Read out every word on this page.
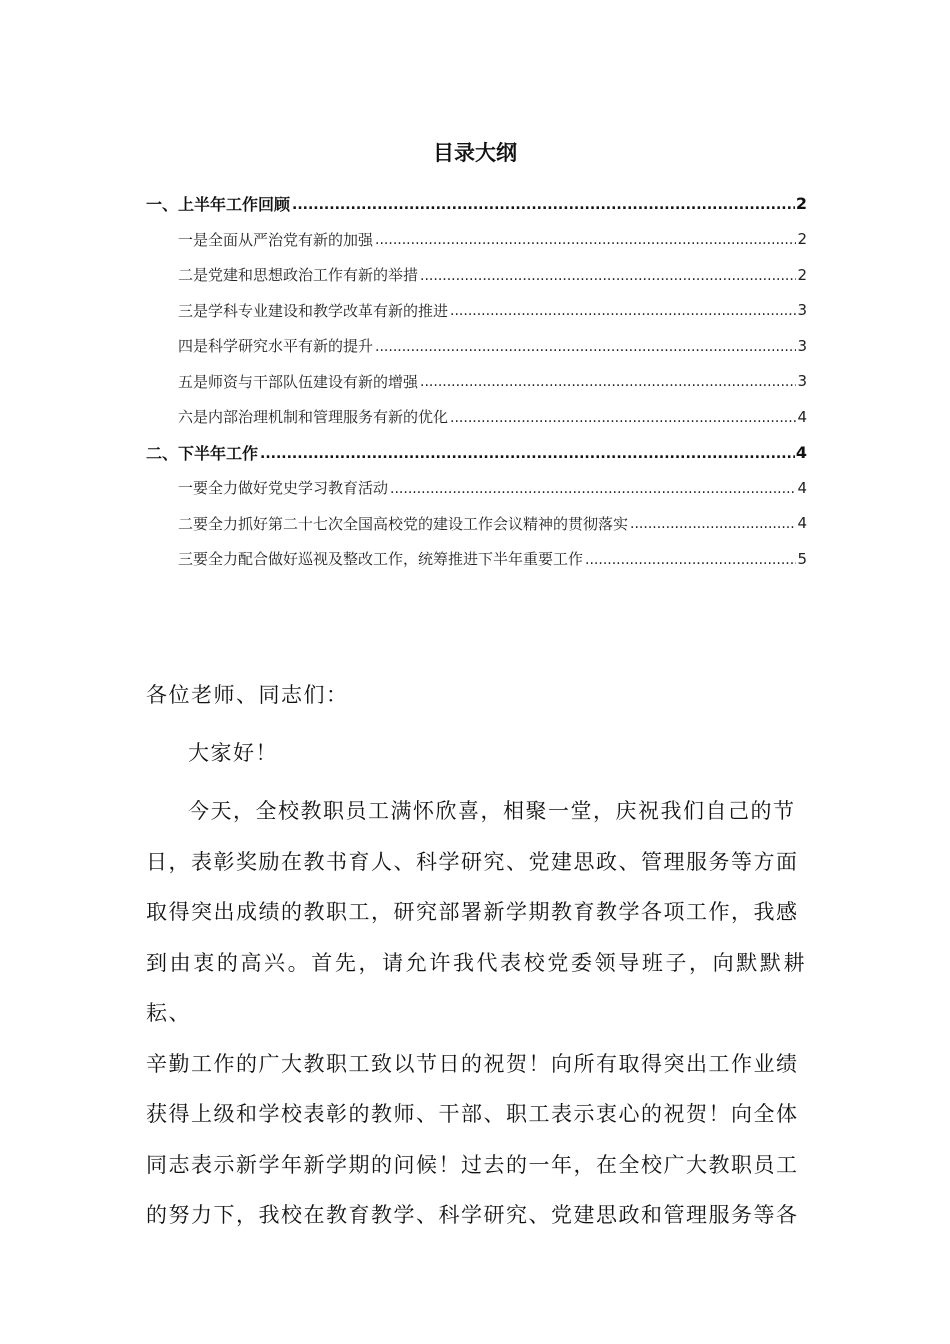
目录大纲
一、上半年工作回顾 .....	2
一是全面从严治党有新的加强 .....	2
二是党建和思想政治工作有新的举措 .....	2
三是学科专业建设和教学改革有新的推进 .....	3
四是科学研究水平有新的提升 .....	3
五是师资与干部队伍建设有新的增强 .....	3
六是内部治理机制和管理服务有新的优化 .....	4
二、下半年工作 .....	4
一要全力做好党史学习教育活动 .....	4
二要全力抓好第二十七次全国高校党的建设工作会议精神的贯彻落实 .....	4
三要全力配合做好巡视及整改工作，统筹推进下半年重要工作 .....	5

各位老师、同志们：

大家好！

今天，全校教职员工满怀欣喜，相聚一堂，庆祝我们自己的节

日，表彰奖励在教书育人、科学研究、党建思政、管理服务等方面

取得突出成绩的教职工，研究部署新学期教育教学各项工作，我感

到由衷的高兴。首先，请允许我代表校党委领导班子，向默默耕耘、

辛勤工作的广大教职工致以节日的祝贺！向所有取得突出工作业绩

获得上级和学校表彰的教师、干部、职工表示衷心的祝贺！向全体

同志表示新学年新学期的问候！过去的一年，在全校广大教职员工

的努力下，我校在教育教学、科学研究、党建思政和管理服务等各
